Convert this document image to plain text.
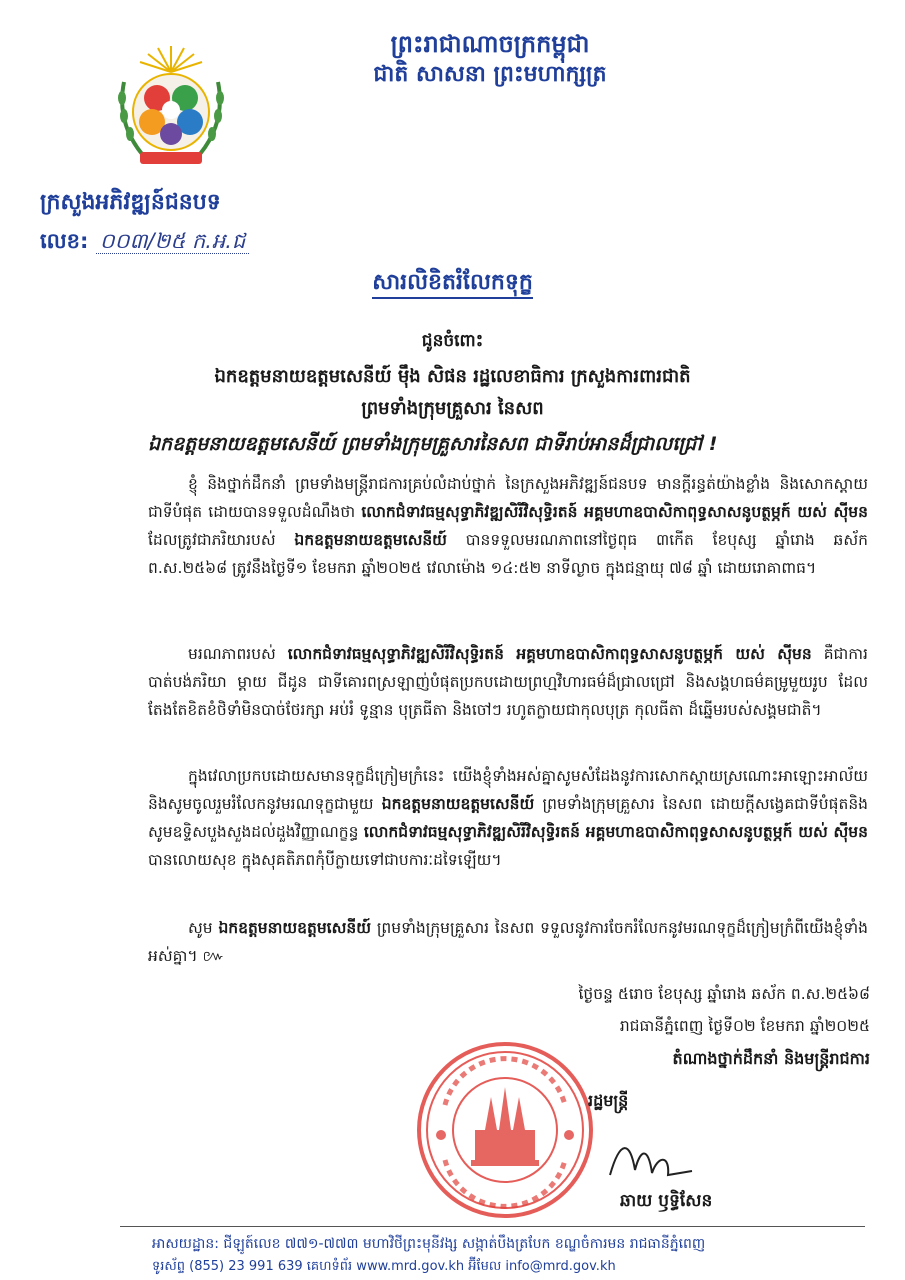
ព្រះរាជាណាចក្រកម្ពុជា
ជាតិ សាសនា ព្រះមហាក្សត្រ
ក្រសួងអភិវឌ្ឍន៍ជនបទ
លេខ: ០០៣/២៥ ក.អ.ជ
សារលិខិតរំលែកទុក្ខ
ជូនចំពោះ
ឯកឧត្តមនាយឧត្តមសេនីយ៍ ម៉ឹង សិផន រដ្ឋលេខាធិការ ក្រសួងការពារជាតិ
ព្រមទាំងក្រុមគ្រួសារ នៃសព
ឯកឧត្តមនាយឧត្តមសេនីយ៍ ព្រមទាំងក្រុមគ្រួសារនៃសព ជាទីរាប់អានដ៏ជ្រាលជ្រៅ !
ខ្ញុំ និងថ្នាក់ដឹកនាំ ព្រមទាំងមន្ត្រីរាជការគ្រប់លំដាប់ថ្នាក់ នៃក្រសួងអភិវឌ្ឍន៍ជនបទ មានក្តីរន្ធត់យ៉ាងខ្លាំង និងសោកស្តាយជាទីបំផុត ដោយបានទទួលដំណឹងថា លោកជំទាវធម្មសុទ្ធាភិវឌ្ឍសិរីវិសុទ្ធិរតន៍ អគ្គមហាឧបាសិកាពុទ្ធសាសនូបត្ថម្ភក៍ យស់ ស៊ីមន ដែលត្រូវជាភរិយារបស់ ឯកឧត្តមនាយឧត្តមសេនីយ៍ បានទទួលមរណភាពនៅថ្ងៃពុធ ៣កើត ខែបុស្ស ឆ្នាំរោង ឆស័ក ព.ស.២៥៦៨ ត្រូវនឹងថ្ងៃទី១ ខែមករា ឆ្នាំ២០២៥ វេលាម៉ោង ១៤:៥២ នាទីល្ងាច ក្នុងជន្មាយុ ៧៨ ឆ្នាំ ដោយរោគាពាធ។
មរណភាពរបស់ លោកជំទាវធម្មសុទ្ធាភិវឌ្ឍសិរីវិសុទ្ធិរតន៍ អគ្គមហាឧបាសិកាពុទ្ធសាសនូបត្ថម្ភក៍ យស់ ស៊ីមន គឺជាការបាត់បង់ភរិយា ម្តាយ ជីដូន ជាទីគោរពស្រឡាញ់បំផុតប្រកបដោយព្រហ្មវិហារធម៌ដ៏ជ្រាលជ្រៅ និងសង្គហធម៌គម្រូមួយរូប ដែលតែងតែខិតខំថិទាំមិនបាច់ថែរក្សា អប់រំ ទូន្មាន បុត្រធីតា និងចៅៗ រហូតក្លាយជាកុលបុត្រ កុលធីតា ដ៏ឆ្នើមរបស់សង្គមជាតិ។
ក្នុងវេលាប្រកបដោយសមានទុក្ខដ៏ក្រៀមក្រំនេះ យើងខ្ញុំទាំងអស់គ្នាសូមសំដែងនូវការសោកស្តាយស្រណោះអាឡោះអាល័យ និងសូមចូលរួមរំលែកនូវមរណទុក្ខជាមួយ ឯកឧត្តមនាយឧត្តមសេនីយ៍ ព្រមទាំងក្រុមគ្រួសារ នៃសព ដោយក្តីសង្វេគជាទីបំផុតនិងសូមឧទ្ទិសបួងសួងដល់ដួងវិញ្ញាណក្ខន្ធ លោកជំទាវធម្មសុទ្ធាភិវឌ្ឍសិរីវិសុទ្ធិរតន៍ អគ្គមហាឧបាសិកាពុទ្ធសាសនូបត្ថម្ភក៍ យស់ ស៊ីមន បានលោយសុខ ក្នុងសុគតិភពកុំបីក្លាយទៅជាបការៈដទៃឡើយ។
សូម ឯកឧត្តមនាយឧត្តមសេនីយ៍ ព្រមទាំងក្រុមគ្រួសារ នៃសព ទទួលនូវការចែករំលែកនូវមរណទុក្ខដ៏ក្រៀមក្រំពីយើងខ្ញុំទាំងអស់គ្នា។ ៚
ថ្ងៃចន្ទ ៥រោច ខែបុស្ស ឆ្នាំរោង ឆស័ក ព.ស.២៥៦៨
រាជធានីភ្នំពេញ ថ្ងៃទី០២ ខែមករា ឆ្នាំ២០២៥
តំណាងថ្នាក់ដឹកនាំ និងមន្ត្រីរាជការ
រដ្ឋមន្ត្រី
ឆាយ ឫទ្ធិសែន
អាសយដ្ឋាន: ជីឡូត៍លេខ ៧៧១-៧៧៣ មហាវិថីព្រះមុនីវង្ស សង្កាត់បឹងត្របែក ខណ្ឌចំការមន រាជធានីភ្នំពេញ
ទូរស័ព្ទ (855) 23 991 639 គេហទំព័រ www.mrd.gov.kh អ៊ីមែល info@mrd.gov.kh
